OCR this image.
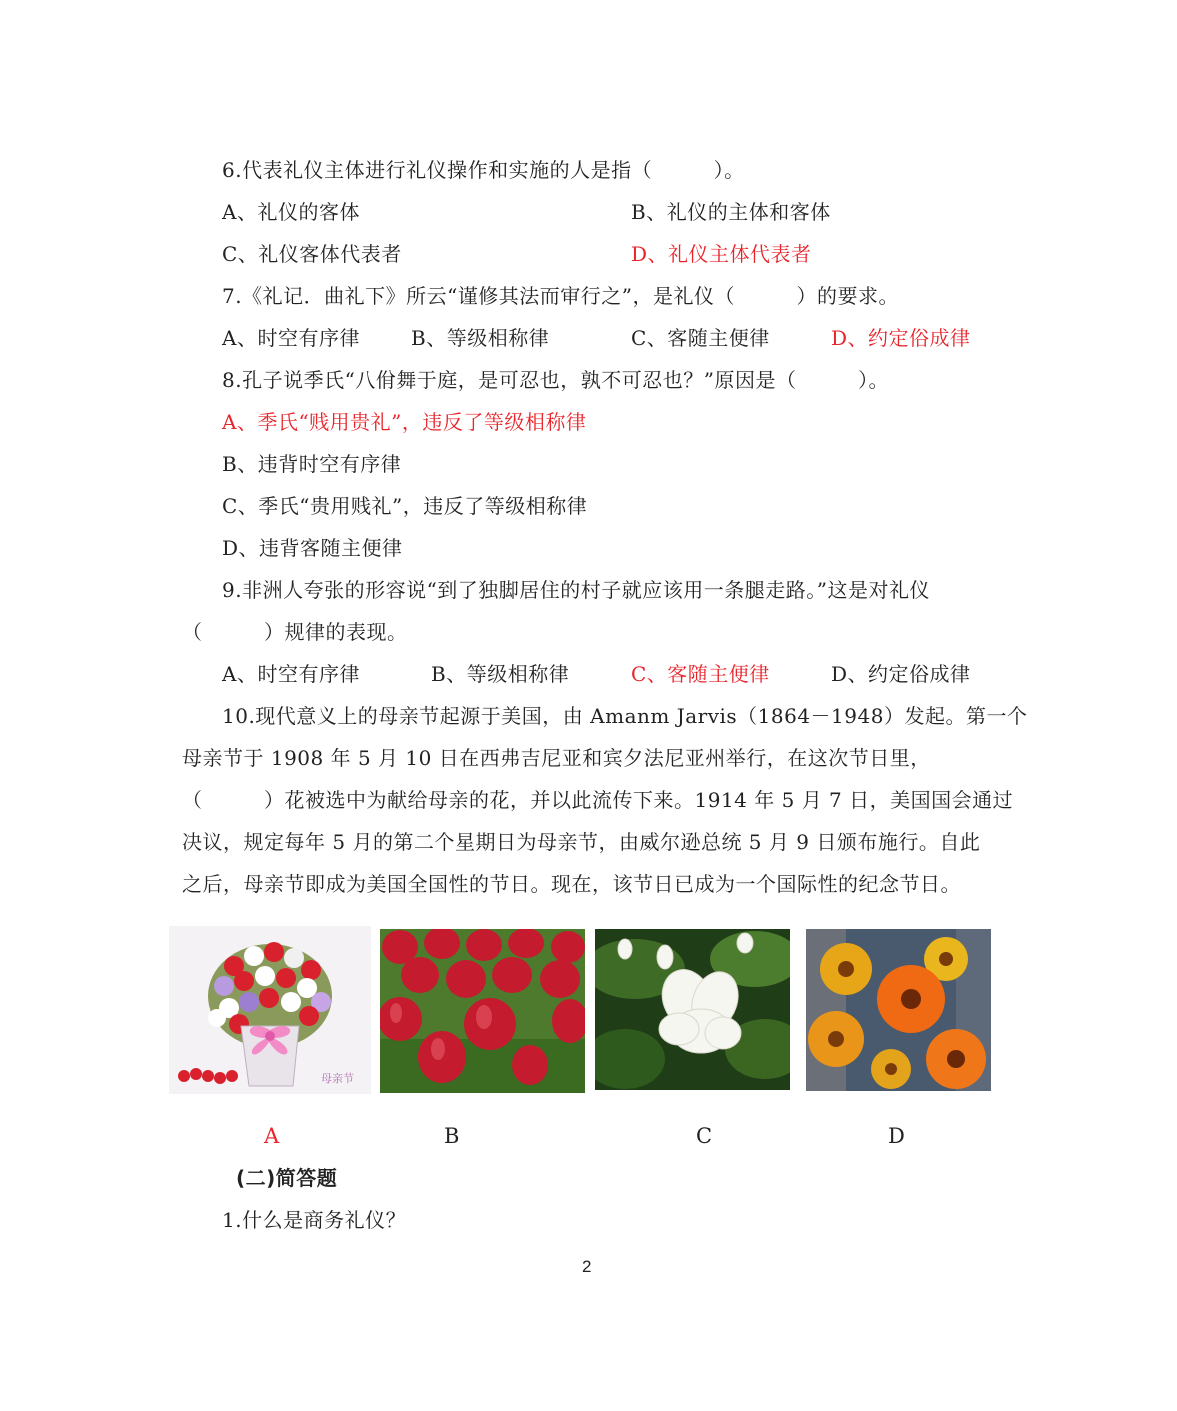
6.代表礼仪主体进行礼仪操作和实施的人是指（　　　）。
A、礼仪的客体	B、礼仪的主体和客体
C、礼仪客体代表者	D、礼仪主体代表者
7.《礼记．曲礼下》所云“谨修其法而审行之”，是礼仪（　　　）的要求。
A、时空有序律	B、等级相称律	C、客随主便律	D、约定俗成律
8.孔子说季氏“八佾舞于庭，是可忍也，孰不可忍也？”原因是（　　　）。
A、季氏“贱用贵礼”，违反了等级相称律
B、违背时空有序律
C、季氏“贵用贱礼”，违反了等级相称律
D、违背客随主便律
9.非洲人夸张的形容说“到了独脚居住的村子就应该用一条腿走路。”这是对礼仪
（　　　）规律的表现。
A、时空有序律	B、等级相称律	C、客随主便律	D、约定俗成律
10.现代意义上的母亲节起源于美国，由 Amanm Jarvis（1864－1948）发起。第一个
母亲节于 1908 年 5 月 10 日在西弗吉尼亚和宾夕法尼亚州举行，在这次节日里，
（　　　）花被选中为献给母亲的花，并以此流传下来。1914 年 5 月 7 日，美国国会通过
决议，规定每年 5 月的第二个星期日为母亲节，由威尔逊总统 5 月 9 日颁布施行。自此
之后，母亲节即成为美国全国性的节日。现在，该节日已成为一个国际性的纪念节日。
母亲节
A	B	C	D
(二)简答题
1.什么是商务礼仪？
2
